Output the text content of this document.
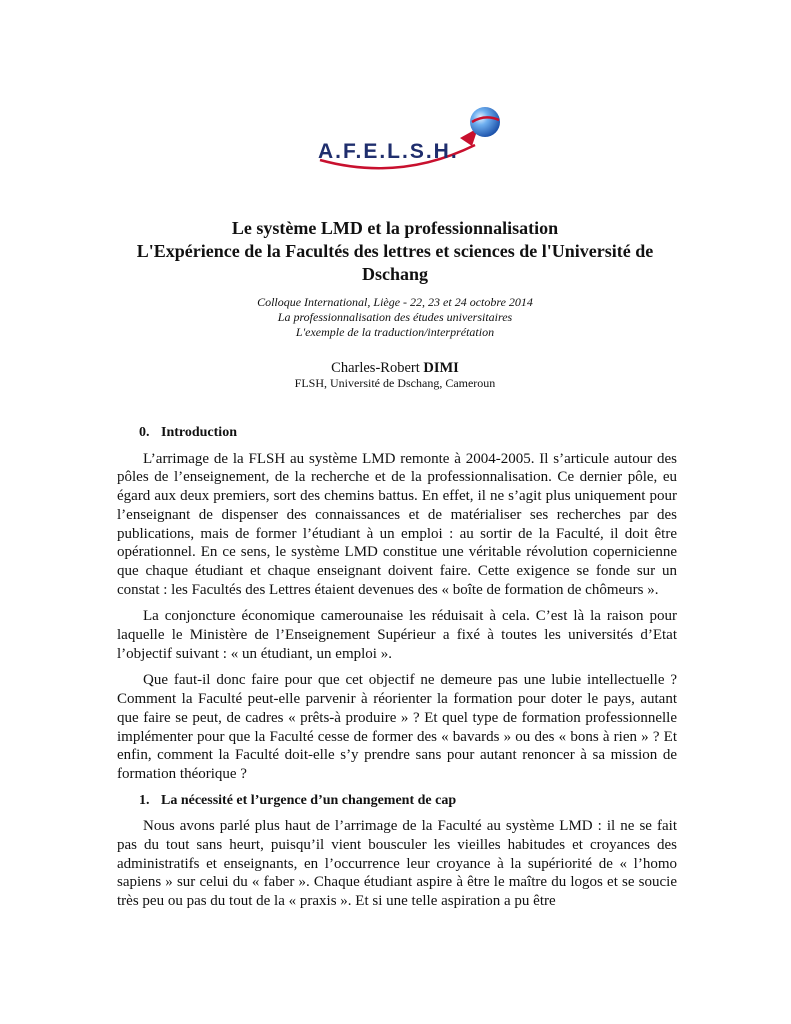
A.F.E.L.S.H.
Le système LMD et la professionnalisation
L'Expérience de la Facultés des lettres et sciences de l'Université de
Dschang
Colloque International, Liège - 22, 23 et 24 octobre 2014
La professionnalisation des études universitaires
L'exemple de la traduction/interprétation
Charles-Robert DIMI
FLSH, Université de Dschang, Cameroun
0. Introduction

L’arrimage de la FLSH au système LMD remonte à 2004-2005. Il s’articule autour des pôles de l’enseignement, de la recherche et de la professionnalisation. Ce dernier pôle, eu égard aux deux premiers, sort des chemins battus. En effet, il ne s’agit plus uniquement pour l’enseignant de dispenser des connaissances et de matérialiser ses recherches par des publications, mais de former l’étudiant à un emploi : au sortir de la Faculté, il doit être opérationnel. En ce sens, le système LMD constitue une véritable révolution copernicienne que chaque étudiant et chaque enseignant doivent faire. Cette exigence se fonde sur un constat : les Facultés des Lettres étaient devenues des « boîte de formation de chômeurs ».

La conjoncture économique camerounaise les réduisait à cela. C’est là la raison pour laquelle le Ministère de l’Enseignement Supérieur a fixé à toutes les universités d’Etat l’objectif suivant : « un étudiant, un emploi ».

Que faut-il donc faire pour que cet objectif ne demeure pas une lubie intellectuelle ? Comment la Faculté peut-elle parvenir à réorienter la formation pour doter le pays, autant que faire se peut, de cadres « prêts-à produire » ? Et quel type de formation professionnelle implémenter pour que la Faculté cesse de former des « bavards » ou des « bons à rien » ? Et enfin, comment la Faculté doit-elle s’y prendre sans pour autant renoncer à sa mission de formation théorique ?

1. La nécessité et l’urgence d’un changement de cap

Nous avons parlé plus haut de l’arrimage de la Faculté au système LMD : il ne se fait pas du tout sans heurt, puisqu’il vient bousculer les vieilles habitudes et croyances des administratifs et enseignants, en l’occurrence leur croyance à la supériorité de « l’homo sapiens » sur celui du « faber ». Chaque étudiant aspire à être le maître du logos et se soucie très peu ou pas du tout de la « praxis ». Et si une telle aspiration a pu être
